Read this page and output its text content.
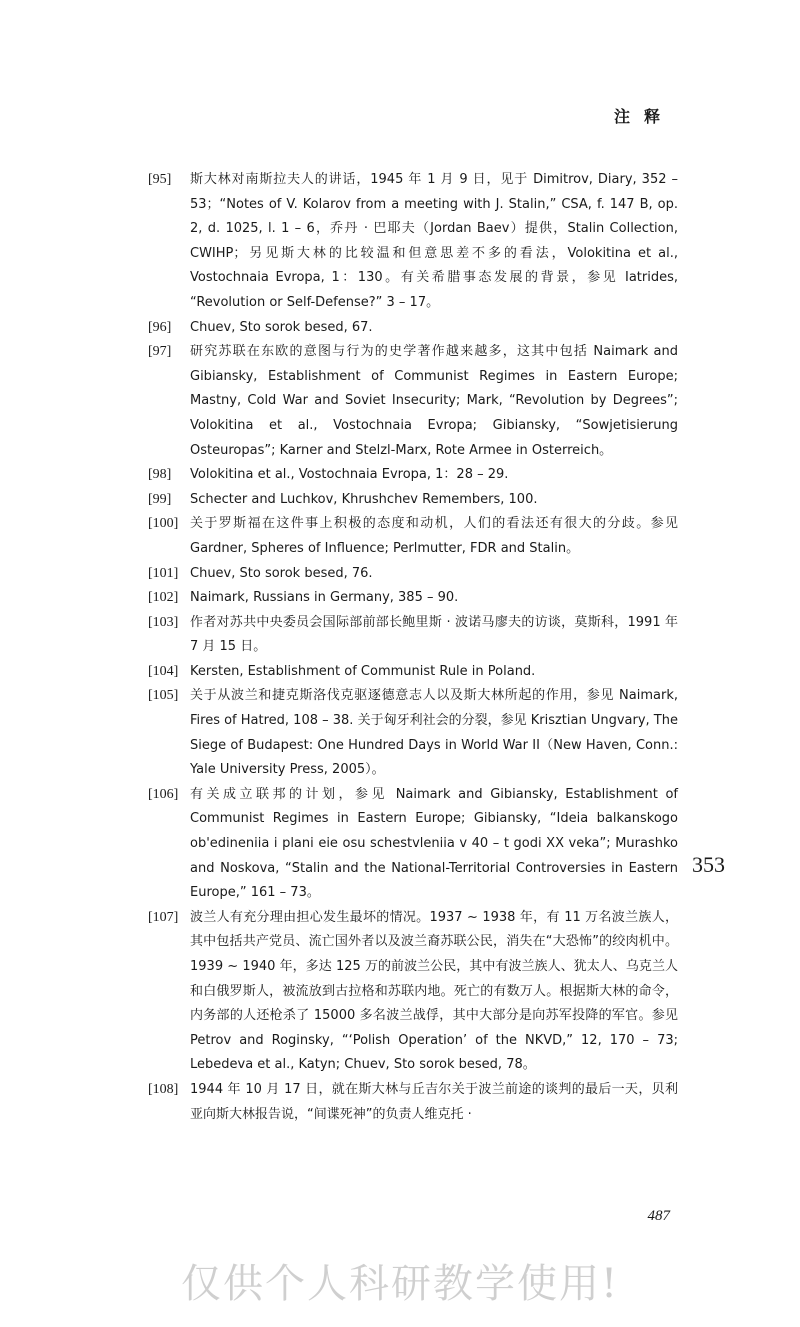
注释
[95]	斯大林对南斯拉夫人的讲话，1945 年 1 月 9 日，见于 Dimitrov, Diary, 352 – 53；“Notes of V. Kolarov from a meeting with J. Stalin,” CSA, f. 147 B, op. 2, d. 1025, l. 1 – 6，乔丹 · 巴耶夫（Jordan Baev）提供，Stalin Collection, CWIHP；另见斯大林的比较温和但意思差不多的看法，Volokitina et al., Vostochnaia Evropa, 1：130。有关希腊事态发展的背景，参见 Iatrides, “Revolution or Self-Defense?” 3 – 17。
[96]	Chuev, Sto sorok besed, 67.
[97]	研究苏联在东欧的意图与行为的史学著作越来越多，这其中包括 Naimark and Gibiansky, Establishment of Communist Regimes in Eastern Europe; Mastny, Cold War and Soviet Insecurity; Mark, “Revolution by Degrees”; Volokitina et al., Vostochnaia Evropa; Gibiansky, “Sowjetisierung Osteuropas”; Karner and Stelzl-Marx, Rote Armee in Osterreich。
[98]	Volokitina et al., Vostochnaia Evropa, 1：28 – 29.
[99]	Schecter and Luchkov, Khrushchev Remembers, 100.
[100] 关于罗斯福在这件事上积极的态度和动机，人们的看法还有很大的分歧。参见 Gardner, Spheres of Influence; Perlmutter, FDR and Stalin。
[101] Chuev, Sto sorok besed, 76.
[102] Naimark, Russians in Germany, 385 – 90.
[103] 作者对苏共中央委员会国际部前部长鲍里斯 · 波诺马廖夫的访谈，莫斯科，1991 年 7 月 15 日。
[104] Kersten, Establishment of Communist Rule in Poland.
[105] 关于从波兰和捷克斯洛伐克驱逐德意志人以及斯大林所起的作用，参见 Naimark, Fires of Hatred, 108 – 38. 关于匈牙利社会的分裂，参见 Krisztian Ungvary, The Siege of Budapest: One Hundred Days in World War II（New Haven, Conn.: Yale University Press, 2005）。
[106] 有关成立联邦的计划，参见 Naimark and Gibiansky, Establishment of Communist Regimes in Eastern Europe; Gibiansky, “Ideia balkanskogo ob'edineniia i plani eie osu schestvleniia v 40 – t godi XX veka”; Murashko and Noskova, “Stalin and the National-Territorial Controversies in Eastern Europe,” 161 – 73。
[107] 波兰人有充分理由担心发生最坏的情况。1937 ~ 1938 年，有 11 万名波兰族人，其中包括共产党员、流亡国外者以及波兰裔苏联公民，消失在“大恐怖”的绞肉机中。1939 ~ 1940 年，多达 125 万的前波兰公民，其中有波兰族人、犹太人、乌克兰人和白俄罗斯人，被流放到古拉格和苏联内地。死亡的有数万人。根据斯大林的命令，内务部的人还枪杀了 15000 多名波兰战俘，其中大部分是向苏军投降的军官。参见 Petrov and Roginsky, “‘Polish Operation’ of the NKVD,” 12, 170 – 73; Lebedeva et al., Katyn; Chuev, Sto sorok besed, 78。
[108] 1944 年 10 月 17 日，就在斯大林与丘吉尔关于波兰前途的谈判的最后一天，贝利亚向斯大林报告说，“间谍死神”的负责人维克托 ·
353
487
仅供个人科研教学使用!
